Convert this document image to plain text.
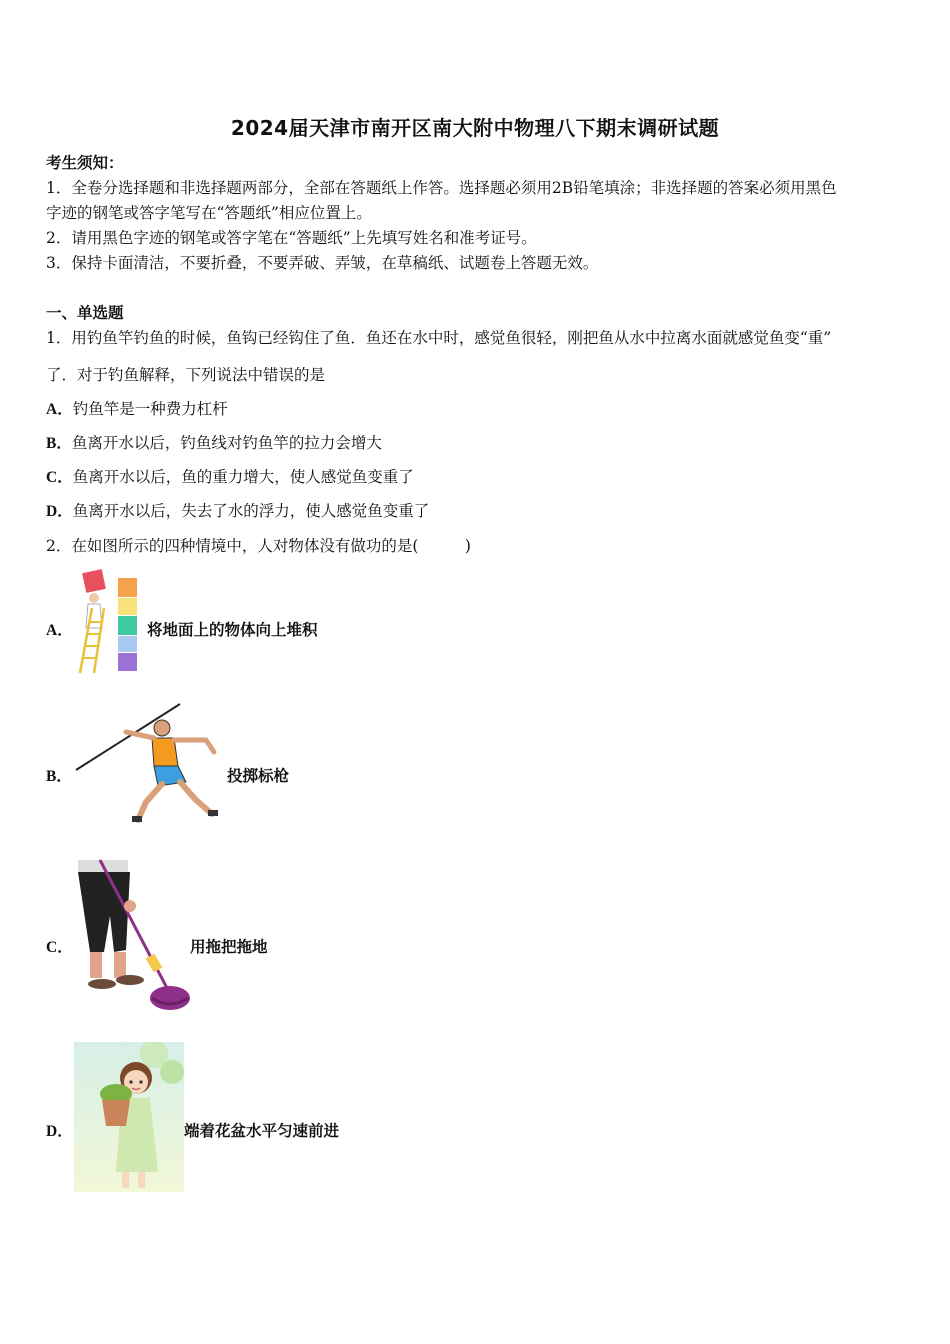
2024届天津市南开区南大附中物理八下期末调研试题
考生须知：
1．全卷分选择题和非选择题两部分，全部在答题纸上作答。选择题必须用2B铅笔填涂；非选择题的答案必须用黑色
字迹的钢笔或答字笔写在“答题纸”相应位置上。
2．请用黑色字迹的钢笔或答字笔在“答题纸”上先填写姓名和准考证号。
3．保持卡面清洁，不要折叠，不要弄破、弄皱，在草稿纸、试题卷上答题无效。
一、单选题
1．用钓鱼竿钓鱼的时候，鱼钩已经钩住了鱼．鱼还在水中时，感觉鱼很轻，刚把鱼从水中拉离水面就感觉鱼变“重”
了．对于钓鱼解释，下列说法中错误的是
A．钓鱼竿是一种费力杠杆
B．鱼离开水以后，钓鱼线对钓鱼竿的拉力会增大
C．鱼离开水以后，鱼的重力增大，使人感觉鱼变重了
D．鱼离开水以后，失去了水的浮力，使人感觉鱼变重了
2．在如图所示的四种情境中，人对物体没有做功的是(　　　)
A．	将地面上的物体向上堆积
B．	投掷标枪
C．	用拖把拖地
D．	端着花盆水平匀速前进
